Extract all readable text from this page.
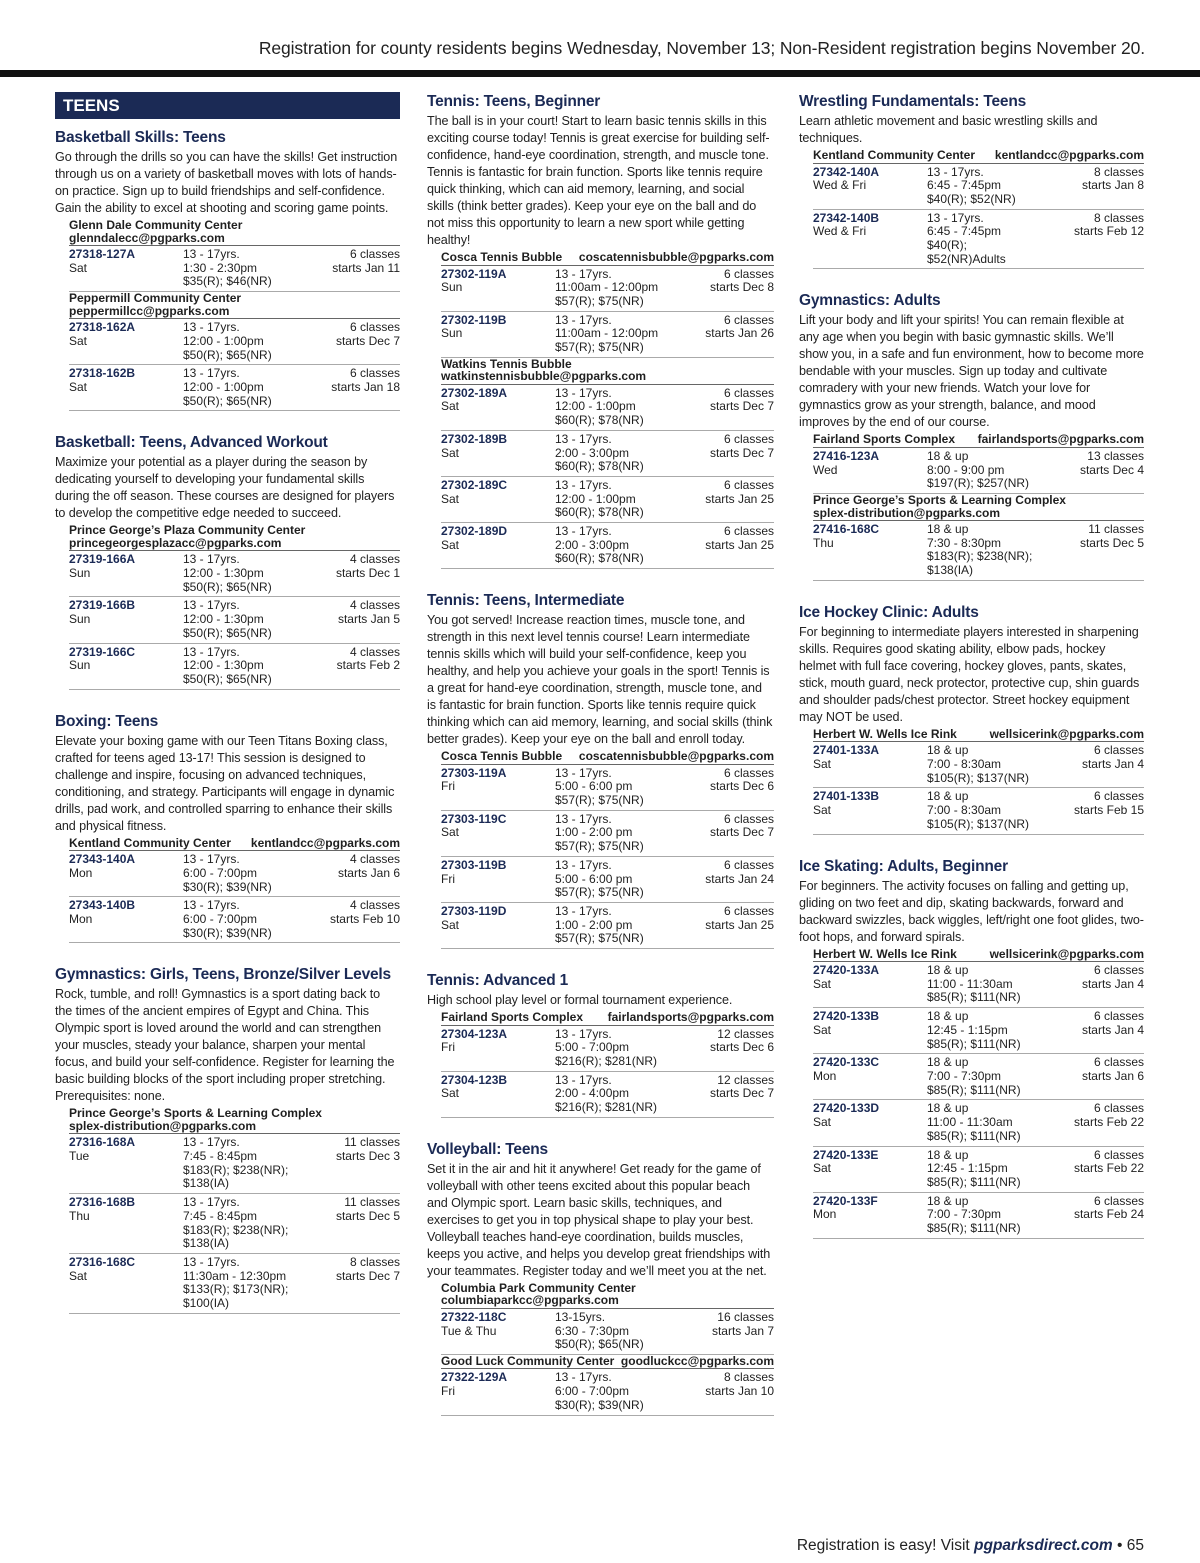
Registration for county residents begins Wednesday, November 13; Non-Resident registration begins November 20.
TEENS
Basketball Skills: Teens
Go through the drills so you can have the skills! Get instruction through us on a variety of basketball moves with lots of hands-on practice. Sign up to build friendships and self-confidence. Gain the ability to excel at shooting and scoring game points.
Glenn Dale Community Center
glenndalecc@pgparks.com
27318-127A
Sat
13 - 17yrs.
1:30 - 2:30pm
$35(R); $46(NR)
6 classes
starts Jan 11
Peppermill Community Center
peppermillcc@pgparks.com
27318-162A
Sat
13 - 17yrs.
12:00 - 1:00pm
$50(R); $65(NR)
6 classes
starts Dec 7
27318-162B
Sat
13 - 17yrs.
12:00 - 1:00pm
$50(R); $65(NR)
6 classes
starts Jan 18
Basketball: Teens, Advanced Workout
Maximize your potential as a player during the season by dedicating yourself to developing your fundamental skills during the off season. These courses are designed for players to develop the competitive edge needed to succeed.
Prince George’s Plaza Community Center
princegeorgesplazacc@pgparks.com
27319-166A
Sun
13 - 17yrs.
12:00 - 1:30pm
$50(R); $65(NR)
4 classes
starts Dec 1
27319-166B
Sun
13 - 17yrs.
12:00 - 1:30pm
$50(R); $65(NR)
4 classes
starts Jan 5
27319-166C
Sun
13 - 17yrs.
12:00 - 1:30pm
$50(R); $65(NR)
4 classes
starts Feb 2
Boxing: Teens
Elevate your boxing game with our Teen Titans Boxing class, crafted for teens aged 13-17! This session is designed to challenge and inspire, focusing on advanced techniques, conditioning, and strategy. Participants will engage in dynamic drills, pad work, and controlled sparring to enhance their skills and physical fitness.
Kentland Community Center kentlandcc@pgparks.com
27343-140A
Mon
13 - 17yrs.
6:00 - 7:00pm
$30(R); $39(NR)
4 classes
starts Jan 6
27343-140B
Mon
13 - 17yrs.
6:00 - 7:00pm
$30(R); $39(NR)
4 classes
starts Feb 10
Gymnastics: Girls, Teens, Bronze/Silver Levels
Rock, tumble, and roll! Gymnastics is a sport dating back to the times of the ancient empires of Egypt and China. This Olympic sport is loved around the world and can strengthen your muscles, steady your balance, sharpen your mental focus, and build your self-confidence. Register for learning the basic building blocks of the sport including proper stretching. Prerequisites: none.
Prince George’s Sports & Learning Complex
splex-distribution@pgparks.com
27316-168A
Tue
13 - 17yrs.
7:45 - 8:45pm
$183(R); $238(NR); $138(IA)
11 classes
starts Dec 3
27316-168B
Thu
13 - 17yrs.
7:45 - 8:45pm
$183(R); $238(NR); $138(IA)
11 classes
starts Dec 5
27316-168C
Sat
13 - 17yrs.
11:30am - 12:30pm
$133(R); $173(NR); $100(IA)
8 classes
starts Dec 7
Tennis: Teens, Beginner
The ball is in your court! Start to learn basic tennis skills in this exciting course today! Tennis is great exercise for building self-confidence, hand-eye coordination, strength, and muscle tone. Tennis is fantastic for brain function. Sports like tennis require quick thinking, which can aid memory, learning, and social skills (think better grades). Keep your eye on the ball and do not miss this opportunity to learn a new sport while getting healthy!
Cosca Tennis Bubble coscatennisbubble@pgparks.com
27302-119A
Sun
13 - 17yrs.
11:00am - 12:00pm
$57(R); $75(NR)
6 classes
starts Dec 8
27302-119B
Sun
13 - 17yrs.
11:00am - 12:00pm
$57(R); $75(NR)
6 classes
starts Jan 26
Watkins Tennis Bubble
watkinstennisbubble@pgparks.com
27302-189A
Sat
13 - 17yrs.
12:00 - 1:00pm
$60(R); $78(NR)
6 classes
starts Dec 7
27302-189B
Sat
13 - 17yrs.
2:00 - 3:00pm
$60(R); $78(NR)
6 classes
starts Dec 7
27302-189C
Sat
13 - 17yrs.
12:00 - 1:00pm
$60(R); $78(NR)
6 classes
starts Jan 25
27302-189D
Sat
13 - 17yrs.
2:00 - 3:00pm
$60(R); $78(NR)
6 classes
starts Jan 25
Tennis: Teens, Intermediate
You got served! Increase reaction times, muscle tone, and strength in this next level tennis course! Learn intermediate tennis skills which will build your self-confidence, keep you healthy, and help you achieve your goals in the sport! Tennis is a great for hand-eye coordination, strength, muscle tone, and is fantastic for brain function. Sports like tennis require quick thinking which can aid memory, learning, and social skills (think better grades). Keep your eye on the ball and enroll today.
Cosca Tennis Bubble coscatennisbubble@pgparks.com
27303-119A
Fri
13 - 17yrs.
5:00 - 6:00 pm
$57(R); $75(NR)
6 classes
starts Dec 6
27303-119C
Sat
13 - 17yrs.
1:00 - 2:00 pm
$57(R); $75(NR)
6 classes
starts Dec 7
27303-119B
Fri
13 - 17yrs.
5:00 - 6:00 pm
$57(R); $75(NR)
6 classes
starts Jan 24
27303-119D
Sat
13 - 17yrs.
1:00 - 2:00 pm
$57(R); $75(NR)
6 classes
starts Jan 25
Tennis: Advanced 1
High school play level or formal tournament experience.
Fairland Sports Complex fairlandsports@pgparks.com
27304-123A
Fri
13 - 17yrs.
5:00 - 7:00pm
$216(R); $281(NR)
12 classes
starts Dec 6
27304-123B
Sat
13 - 17yrs.
2:00 - 4:00pm
$216(R); $281(NR)
12 classes
starts Dec 7
Volleyball: Teens
Set it in the air and hit it anywhere! Get ready for the game of volleyball with other teens excited about this popular beach and Olympic sport. Learn basic skills, techniques, and exercises to get you in top physical shape to play your best. Volleyball teaches hand-eye coordination, builds muscles, keeps you active, and helps you develop great friendships with your teammates. Register today and we’ll meet you at the net.
Columbia Park Community Center
columbiaparkcc@pgparks.com
27322-118C
Tue & Thu
13-15yrs.
6:30 - 7:30pm
$50(R); $65(NR)
16 classes
starts Jan 7
Good Luck Community Center goodluckcc@pgparks.com
27322-129A
Fri
13 - 17yrs.
6:00 - 7:00pm
$30(R); $39(NR)
8 classes
starts Jan 10
Wrestling Fundamentals: Teens
Learn athletic movement and basic wrestling skills and techniques.
Kentland Community Center kentlandcc@pgparks.com
27342-140A
Wed & Fri
13 - 17yrs.
6:45 - 7:45pm
$40(R); $52(NR)
8 classes
starts Jan 8
27342-140B
Wed & Fri
13 - 17yrs.
6:45 - 7:45pm
$40(R); $52(NR)Adults
8 classes
starts Feb 12
Gymnastics: Adults
Lift your body and lift your spirits! You can remain flexible at any age when you begin with basic gymnastic skills. We’ll show you, in a safe and fun environment, how to become more bendable with your muscles. Sign up today and cultivate comradery with your new friends. Watch your love for gymnastics grow as your strength, balance, and mood improves by the end of our course.
Fairland Sports Complex fairlandsports@pgparks.com
27416-123A
Wed
18 & up
8:00 - 9:00 pm
$197(R); $257(NR)
13 classes
starts Dec 4
Prince George’s Sports & Learning Complex
splex-distribution@pgparks.com
27416-168C
Thu
18 & up
7:30 - 8:30pm
$183(R); $238(NR); $138(IA)
11 classes
starts Dec 5
Ice Hockey Clinic: Adults
For beginning to intermediate players interested in sharpening skills. Requires good skating ability, elbow pads, hockey helmet with full face covering, hockey gloves, pants, skates, stick, mouth guard, neck protector, protective cup, shin guards and shoulder pads/chest protector. Street hockey equipment may NOT be used.
Herbert W. Wells Ice Rink	wellsicerink@pgparks.com
27401-133A
Sat
18 & up
7:00 - 8:30am
$105(R); $137(NR)
6 classes
starts Jan 4
27401-133B
Sat
18 & up
7:00 - 8:30am
$105(R); $137(NR)
6 classes
starts Feb 15
Ice Skating: Adults, Beginner
For beginners. The activity focuses on falling and getting up, gliding on two feet and dip, skating backwards, forward and backward swizzles, back wiggles, left/right one foot glides, two-foot hops, and forward spirals.
Herbert W. Wells Ice Rink	wellsicerink@pgparks.com
27420-133A
Sat
18 & up
11:00 - 11:30am
$85(R); $111(NR)
6 classes
starts Jan 4
27420-133B
Sat
18 & up
12:45 - 1:15pm
$85(R); $111(NR)
6 classes
starts Jan 4
27420-133C
Mon
18 & up
7:00 - 7:30pm
$85(R); $111(NR)
6 classes
starts Jan 6
27420-133D
Sat
18 & up
11:00 - 11:30am
$85(R); $111(NR)
6 classes
starts Feb 22
27420-133E
Sat
18 & up
12:45 - 1:15pm
$85(R); $111(NR)
6 classes
starts Feb 22
27420-133F
Mon
18 & up
7:00 - 7:30pm
$85(R); $111(NR)
6 classes
starts Feb 24
Registration is easy! Visit pgparksdirect.com • 65
